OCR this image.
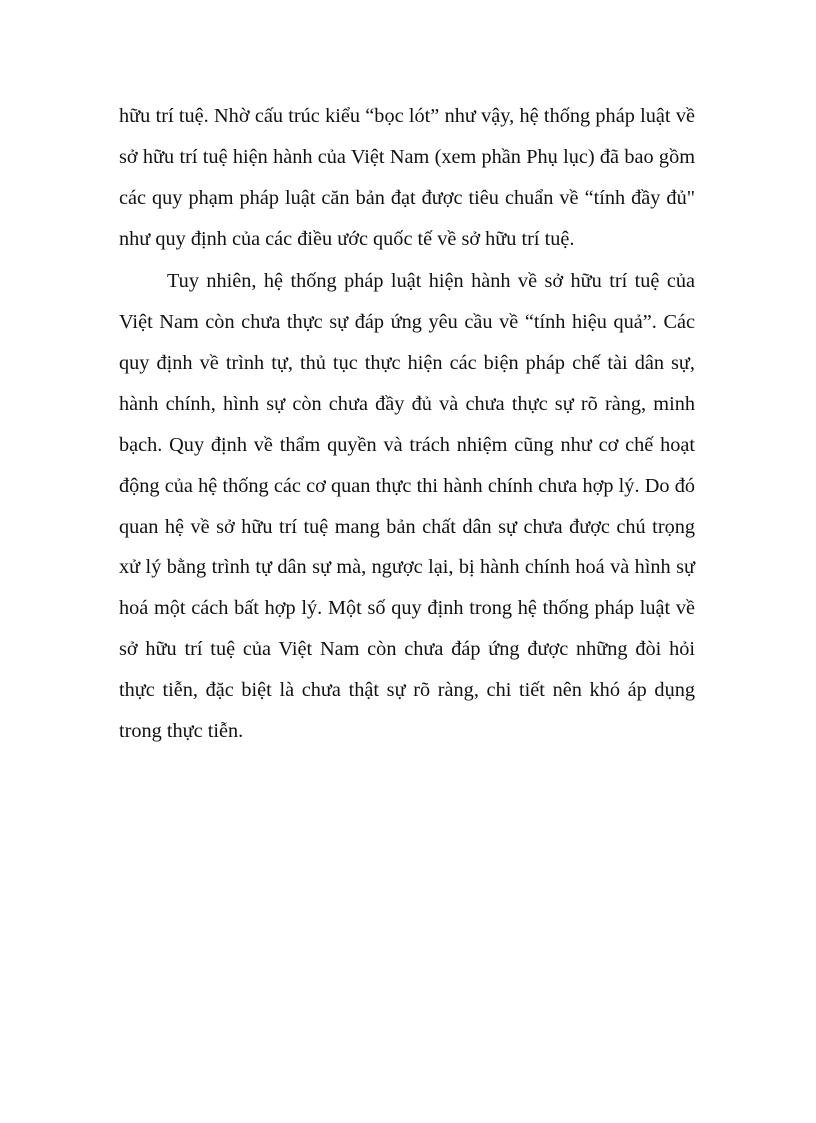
hữu trí tuệ. Nhờ cấu trúc kiểu “bọc lót” như vậy, hệ thống pháp luật về sở hữu trí tuệ hiện hành của Việt Nam (xem phần Phụ lục) đã bao gồm các quy phạm pháp luật căn bản đạt được tiêu chuẩn về “tính đầy đủ" như quy định của các điều ước quốc tế về sở hữu trí tuệ.

Tuy nhiên, hệ thống pháp luật hiện hành về sở hữu trí tuệ của Việt Nam còn chưa thực sự đáp ứng yêu cầu về “tính hiệu quả”. Các quy định về trình tự, thủ tục thực hiện các biện pháp chế tài dân sự, hành chính, hình sự còn chưa đầy đủ và chưa thực sự rõ ràng, minh bạch. Quy định về thẩm quyền và trách nhiệm cũng như cơ chế hoạt động của hệ thống các cơ quan thực thi hành chính chưa hợp lý. Do đó quan hệ về sở hữu trí tuệ mang bản chất dân sự chưa được chú trọng xử lý bằng trình tự dân sự mà, ngược lại, bị hành chính hoá và hình sự hoá một cách bất hợp lý. Một số quy định trong hệ thống pháp luật về sở hữu trí tuệ của Việt Nam còn chưa đáp ứng được những đòi hỏi thực tiễn, đặc biệt là chưa thật sự rõ ràng, chi tiết nên khó áp dụng trong thực tiễn.
